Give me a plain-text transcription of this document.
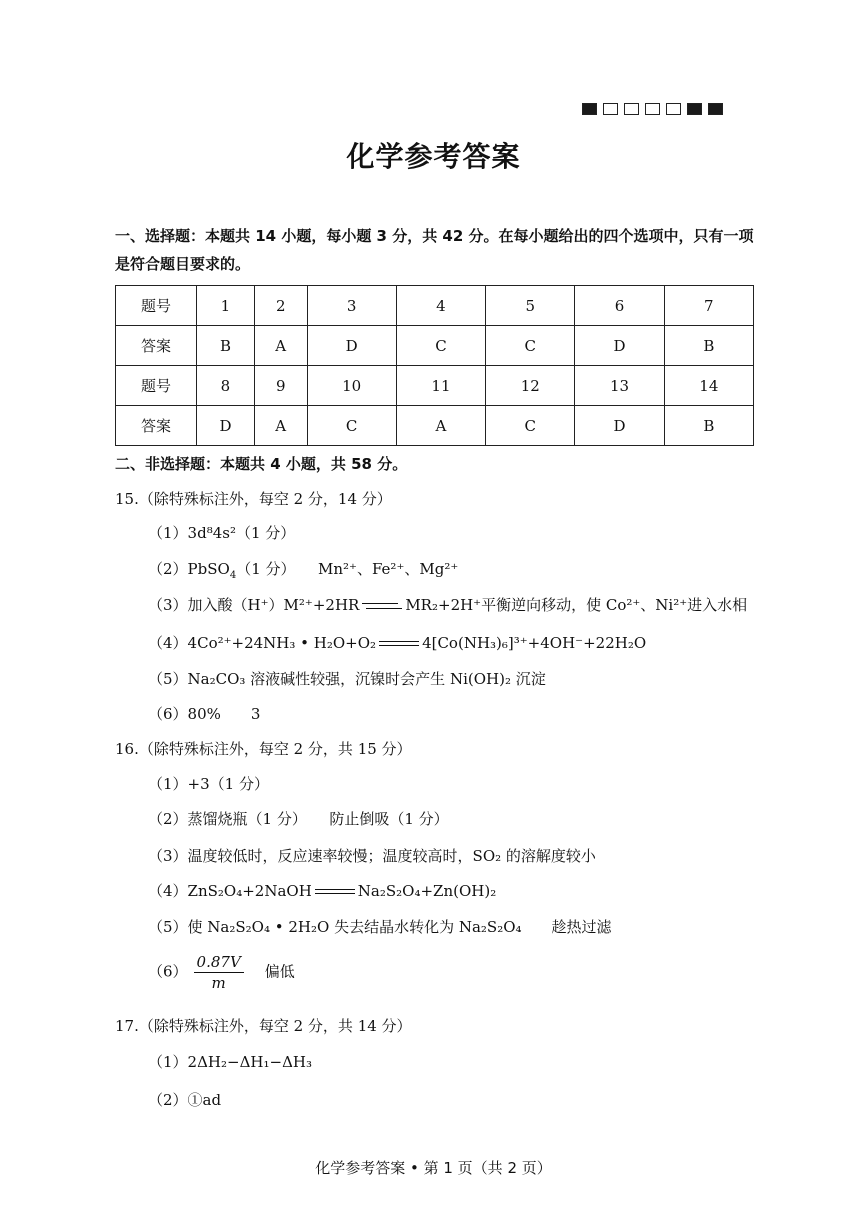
化学参考答案
一、选择题：本题共 14 小题，每小题 3 分，共 42 分。在每小题给出的四个选项中，只有一项
是符合题目要求的。
题号	1	2	3	4	5	6	7
答案	B	A	D	C	C	D	B
题号	8	9	10	11	12	13	14
答案	D	A	C	A	C	D	B
二、非选择题：本题共 4 小题，共 58 分。
15.（除特殊标注外，每空 2 分，14 分）
（1）3d⁸4s²（1 分）
（2）PbSO$_4$（1 分）　　 Mn²⁺、Fe²⁺、Mg²⁺
（3）加入酸（H⁺）M²⁺+2HR	MR₂+2H⁺平衡逆向移动，使 Co²⁺、Ni²⁺进入水相
（4）4Co²⁺+24NH₃ • H₂O+O₂	4[Co(NH₃)₆]³⁺+4OH⁻+22H₂O
（5）Na₂CO₃ 溶液碱性较强，沉镍时会产生 Ni(OH)₂ 沉淀
（6）80%　　3
16.（除特殊标注外，每空 2 分，共 15 分）
（1）+3（1 分）
（2）蒸馏烧瓶（1 分）　　防止倒吸（1 分）
（3）温度较低时，反应速率较慢；温度较高时，SO₂ 的溶解度较小
（4）ZnS₂O₄+2NaOH	Na₂S₂O₄+Zn(OH)₂
（5）使 Na₂S₂O₄ • 2H₂O 失去结晶水转化为 Na₂S₂O₄　　趁热过滤
$(6) \frac{0.87V}{m}$
　 偏低
17.（除特殊标注外，每空 2 分，共 14 分）
（1）2ΔH₂−ΔH₁−ΔH₃
（2）①ad
化学参考答案 • 第 1 页（共 2 页）
